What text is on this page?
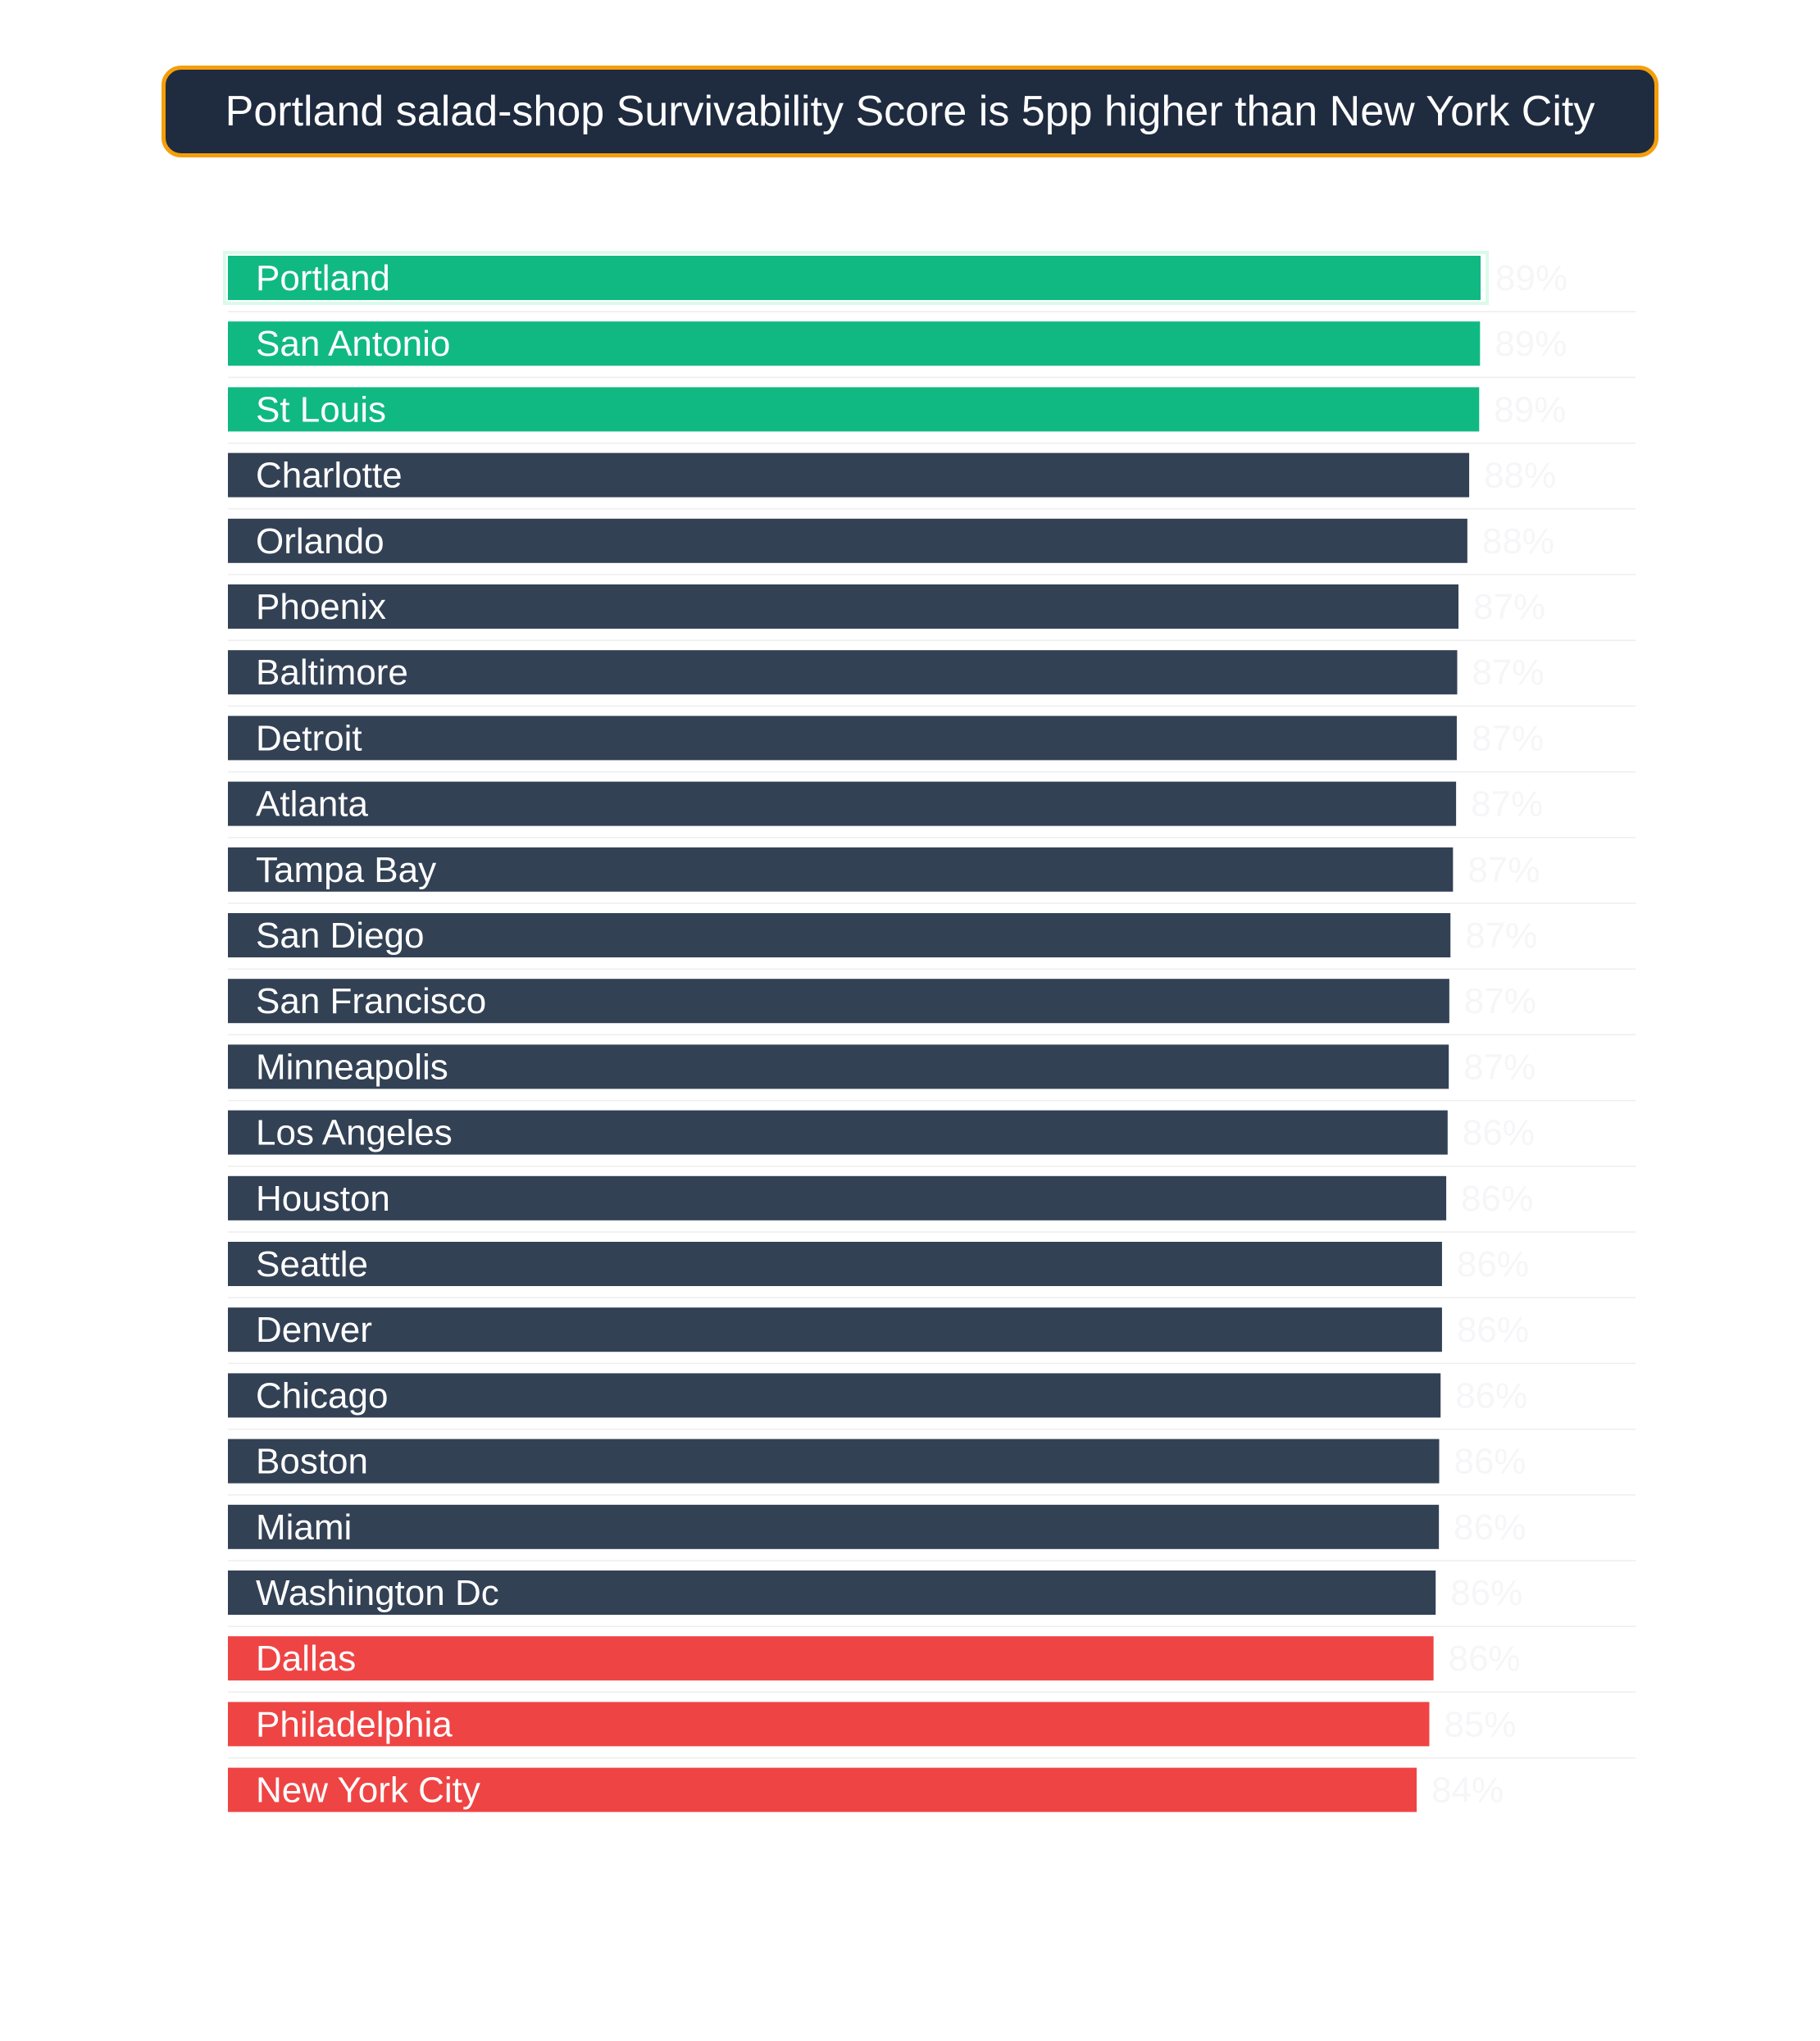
Portland salad-shop Survivability Score is 5pp higher than New York City
Portland	89%
San Antonio	89%
St Louis	89%
Charlotte	88%
Orlando	88%
Phoenix	87%
Baltimore	87%
Detroit	87%
Atlanta	87%
Tampa Bay	87%
San Diego	87%
San Francisco	87%
Minneapolis	87%
Los Angeles	86%
Houston	86%
Seattle	86%
Denver	86%
Chicago	86%
Boston	86%
Miami	86%
Washington Dc	86%
Dallas	86%
Philadelphia	85%
New York City	84%
